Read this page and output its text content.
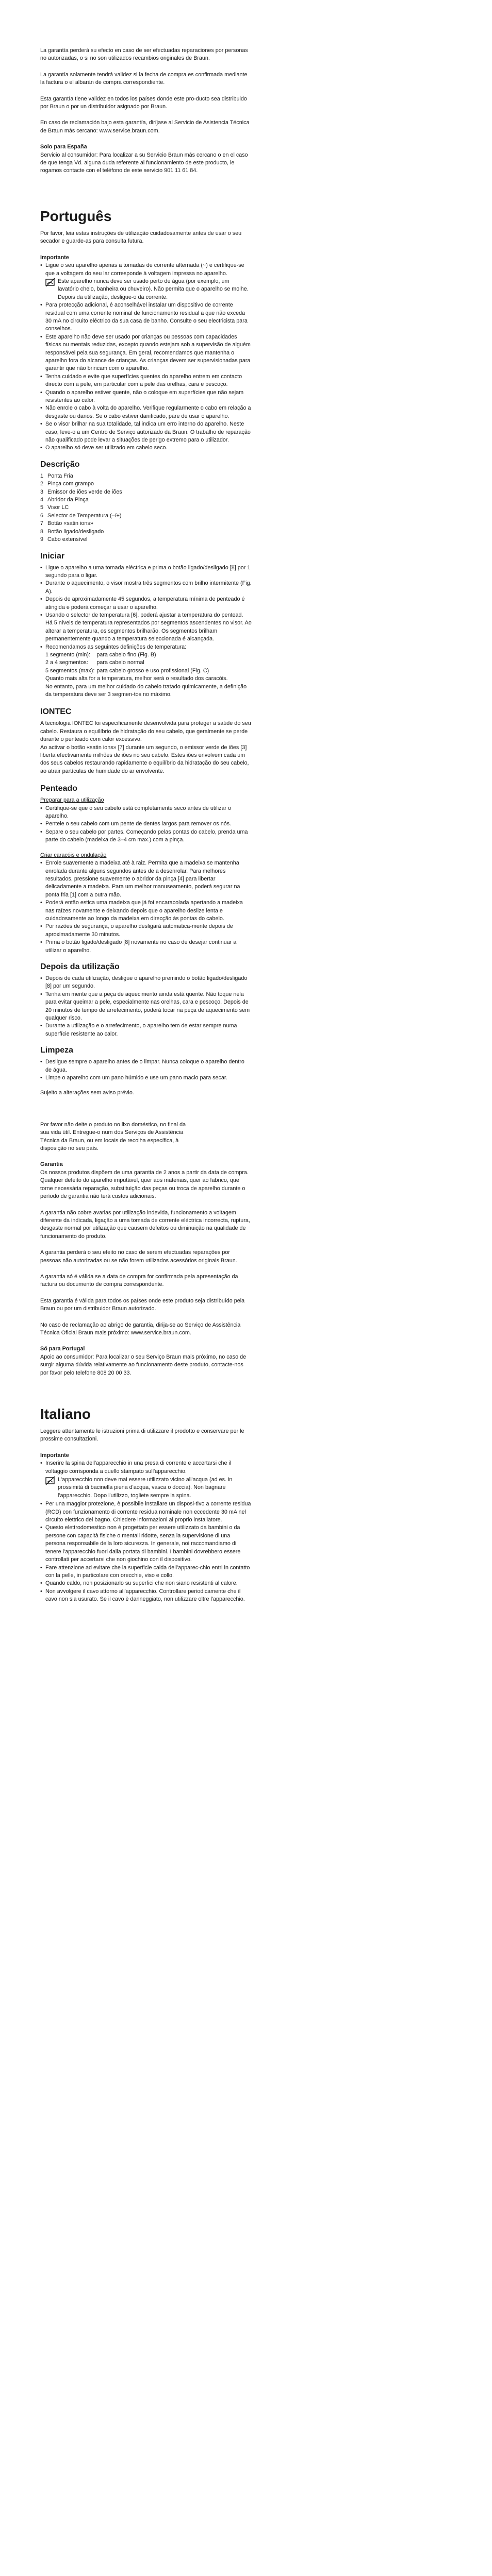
La garantía perderá su efecto en caso de ser efectuadas reparaciones por personas no autorizadas, o si no son utilizados recambios originales de Braun.

La garantía solamente tendrá validez si la fecha de compra es confirmada mediante la factura o el albarán de compra correspondiente.

Esta garantía tiene validez en todos los países donde este pro-ducto sea distribuido por Braun o por un distribuidor asignado por Braun.

En caso de reclamación bajo esta garantía, diríjase al Servicio de Asistencia Técnica de Braun más cercano: www.service.braun.com.

Solo para España

Servicio al consumidor: Para localizar a su Servicio Braun más cercano o en el caso de que tenga Vd. alguna duda referente al funcionamiento de este producto, le rogamos contacte con el teléfono de este servicio 901 11 61 84.

Português

Por favor, leia estas instruções de utilização cuidadosamente antes de usar o seu secador e guarde-as para consulta futura.

Importante

• Ligue o seu aparelho apenas a tomadas de corrente alternada (~) e certifique-se que a voltagem do seu lar corresponde à voltagem impressa no aparelho.
Este aparelho nunca deve ser usado perto de água (por exemplo, um lavatório cheio, banheira ou chuveiro). Não permita que o aparelho se molhe. Depois da utilização, desligue-o da corrente.
• Para protecção adicional, é aconselhável instalar um dispositivo de corrente residual com uma corrente nominal de funcionamento residual a que não exceda 30 mA no circuito eléctrico da sua casa de banho. Consulte o seu electricista para conselhos.
• Este aparelho não deve ser usado por crianças ou pessoas com capacidades físicas ou mentais reduzidas, excepto quando estejam sob a supervisão de alguém responsável pela sua segurança. Em geral, recomendamos que mantenha o aparelho fora do alcance de crianças. As crianças devem ser supervisionadas para garantir que não brincam com o aparelho.
• Tenha cuidado e evite que superfícies quentes do aparelho entrem em contacto directo com a pele, em particular com a pele das orelhas, cara e pescoço.
• Quando o aparelho estiver quente, não o coloque em superfícies que não sejam resistentes ao calor.
• Não enrole o cabo à volta do aparelho. Verifique regularmente o cabo em relação a desgaste ou danos. Se o cabo estiver danificado, pare de usar o aparelho.
• Se o visor brilhar na sua totalidade, tal indica um erro interno do aparelho. Neste caso, leve-o a um Centro de Serviço autorizado da Braun. O trabalho de reparação não qualificado pode levar a situações de perigo extremo para o utilizador.
• O aparelho só deve ser utilizado em cabelo seco.
Descrição
1 Ponta Fria
2 Pinça com grampo
3 Emissor de iões verde de iões
4 Abridor da Pinça
5 Visor LC
6 Selector de Temperatura (–/+)
7 Botão «satin ions»
8 Botão ligado/desligado
9 Cabo extensível
Iniciar
• Ligue o aparelho a uma tomada eléctrica e prima o botão ligado/desligado [8] por 1 segundo para o ligar.
• Durante o aquecimento, o visor mostra três segmentos com brilho intermitente (Fig. A).
• Depois de aproximadamente 45 segundos, a temperatura mínima de penteado é atingida e poderá começar a usar o aparelho.
• Usando o selector de temperatura [6], poderá ajustar a temperatura do pentead. Há 5 níveis de temperatura representados por segmentos ascendentes no visor. Ao alterar a temperatura, os segmentos brilharão. Os segmentos brilham permanentemente quando a temperatura seleccionada é alcançada.
• Recomendamos as seguintes definições de temperatura:
1 segmento (min):	para cabelo fino (Fig. B)
2 a 4 segmentos:	para cabelo normal
5 segmentos (max):	para cabelo grosso e uso profissional (Fig. C)

Quanto mais alta for a temperatura, melhor será o resultado dos caracóis.
No entanto, para um melhor cuidado do cabelo tratado quimicamente, a definição da temperatura deve ser 3 segmen-tos no máximo.

IONTEC

A tecnologia IONTEC foi especificamente desenvolvida para proteger a saúde do seu cabelo. Restaura o equilíbrio de hidratação do seu cabelo, que geralmente se perde durante o penteado com calor excessivo.
Ao activar o botão «satin ions» [7] durante um segundo, o emissor verde de iões [3] liberta efectivamente milhões de iões no seu cabelo. Estes iões envolvem cada um dos seus cabelos restaurando rapidamente o equilíbrio da hidratação do seu cabelo, ao atrair partículas de humidade do ar envolvente.

Penteado

Preparar para a utilização

• Certifique-se que o seu cabelo está completamente seco antes de utilizar o aparelho.
• Penteie o seu cabelo com um pente de dentes largos para remover os nós.
• Separe o seu cabelo por partes. Começando pelas pontas do cabelo, prenda uma parte do cabelo (madeixa de 3–4 cm max.) com a pinça.

Criar caracóis e ondulação

• Enrole suavemente a madeixa até à raiz. Permita que a madeixa se mantenha enrolada durante alguns segundos antes de a desenrolar. Para melhores resultados, pressione suavemente o abridor da pinça [4] para libertar delicadamente a madeixa. Para um melhor manuseamento, poderá segurar na ponta fria [1] com a outra mão.
• Poderá então estica uma madeixa que já foi encaracolada apertando a madeixa nas raízes novamente e deixando depois que o aparelho deslize lenta e cuidadosamente ao longo da madeixa em direcção às pontas do cabelo.
• Por razões de segurança, o aparelho desligará automatica-mente depois de aproximadamente 30 minutos.
• Prima o botão ligado/desligado [8] novamente no caso de desejar continuar a utilizar o aparelho.
Depois da utilização
• Depois de cada utilização, desligue o aparelho premindo o botão ligado/desligado [8] por um segundo.
• Tenha em mente que a peça de aquecimento ainda está quente. Não toque nela para evitar queimar a pele, especialmente nas orelhas, cara e pescoço. Depois de 20 minutos de tempo de arrefecimento, poderá tocar na peça de aquecimento sem qualquer risco.
• Durante a utilização e o arrefecimento, o aparelho tem de estar sempre numa superfície resistente ao calor.
Limpeza
• Desligue sempre o aparelho antes de o limpar. Nunca coloque o aparelho dentro de água.
• Limpe o aparelho com um pano húmido e use um pano macio para secar.

Sujeito a alterações sem aviso prévio.

Por favor não deite o produto no lixo doméstico, no final da sua vida útil. Entregue-o num dos Serviços de Assistência Técnica da Braun, ou em locais de recolha específica, à disposição no seu país.

Garantia

Os nossos produtos dispõem de uma garantia de 2 anos a partir da data de compra. Qualquer defeito do aparelho imputável, quer aos materiais, quer ao fabrico, que torne necessária reparação, substituição das peças ou troca de aparelho durante o período de garantia não terá custos adicionais.

A garantia não cobre avarias por utilização indevida, funcionamento a voltagem diferente da indicada, ligação a uma tomada de corrente eléctrica incorrecta, ruptura, desgaste normal por utilização que causem defeitos ou diminuição na qualidade de funcionamento do produto.

A garantia perderá o seu efeito no caso de serem efectuadas reparações por pessoas não autorizadas ou se não forem utilizados acessórios originais Braun.

A garantia só é válida se a data de compra for confirmada pela apresentação da factura ou documento de compra correspondente.

Esta garantia é válida para todos os países onde este produto seja distribuído pela Braun ou por um distribuidor Braun autorizado.

No caso de reclamação ao abrigo de garantia, dirija-se ao Serviço de Assistência Técnica Oficial Braun mais próximo: www.service.braun.com.

Só para Portugal

Apoio ao consumidor: Para localizar o seu Serviço Braun mais próximo, no caso de surgir alguma dúvida relativamente ao funcionamento deste produto, contacte-nos por favor pelo telefone 808 20 00 33.

Italiano

Leggere attentamente le istruzioni prima di utilizzare il prodotto e conservare per le prossime consultazioni.

Importante

• Inserire la spina dell'apparecchio in una presa di corrente e accertarsi che il voltaggio corrisponda a quello stampato sull'apparecchio.
L'apparecchio non deve mai essere utilizzato vicino all'acqua (ad es. in prossimità di bacinella piena d'acqua, vasca o doccia). Non bagnare l'apparecchio. Dopo l'utilizzo, togliete sempre la spina.
• Per una maggior protezione, è possibile installare un disposi-tivo a corrente residua (RCD) con funzionamento di corrente residua nominale non eccedente 30 mA nel circuito elettrico del bagno. Chiedere informazioni al proprio installatore.
• Questo elettrodomestico non è progettato per essere utilizzato da bambini o da persone con capacità fisiche o mentali ridotte, senza la supervisione di una persona responsabile della loro sicurezza. In generale, noi raccomandiamo di tenere l'apparecchio fuori dalla portata di bambini. I bambini dovrebbero essere controllati per accertarsi che non giochino con il dispositivo.
• Fare attenzione ad evitare che la superficie calda dell'apparec-chio entri in contatto con la pelle, in particolare con orecchie, viso e collo.
• Quando caldo, non posizionarlo su superfici che non siano resistenti al calore.
• Non avvolgere il cavo attorno all'apparecchio. Controllare periodicamente che il cavo non sia usurato. Se il cavo è danneggiato, non utilizzare oltre l'apparecchio.
